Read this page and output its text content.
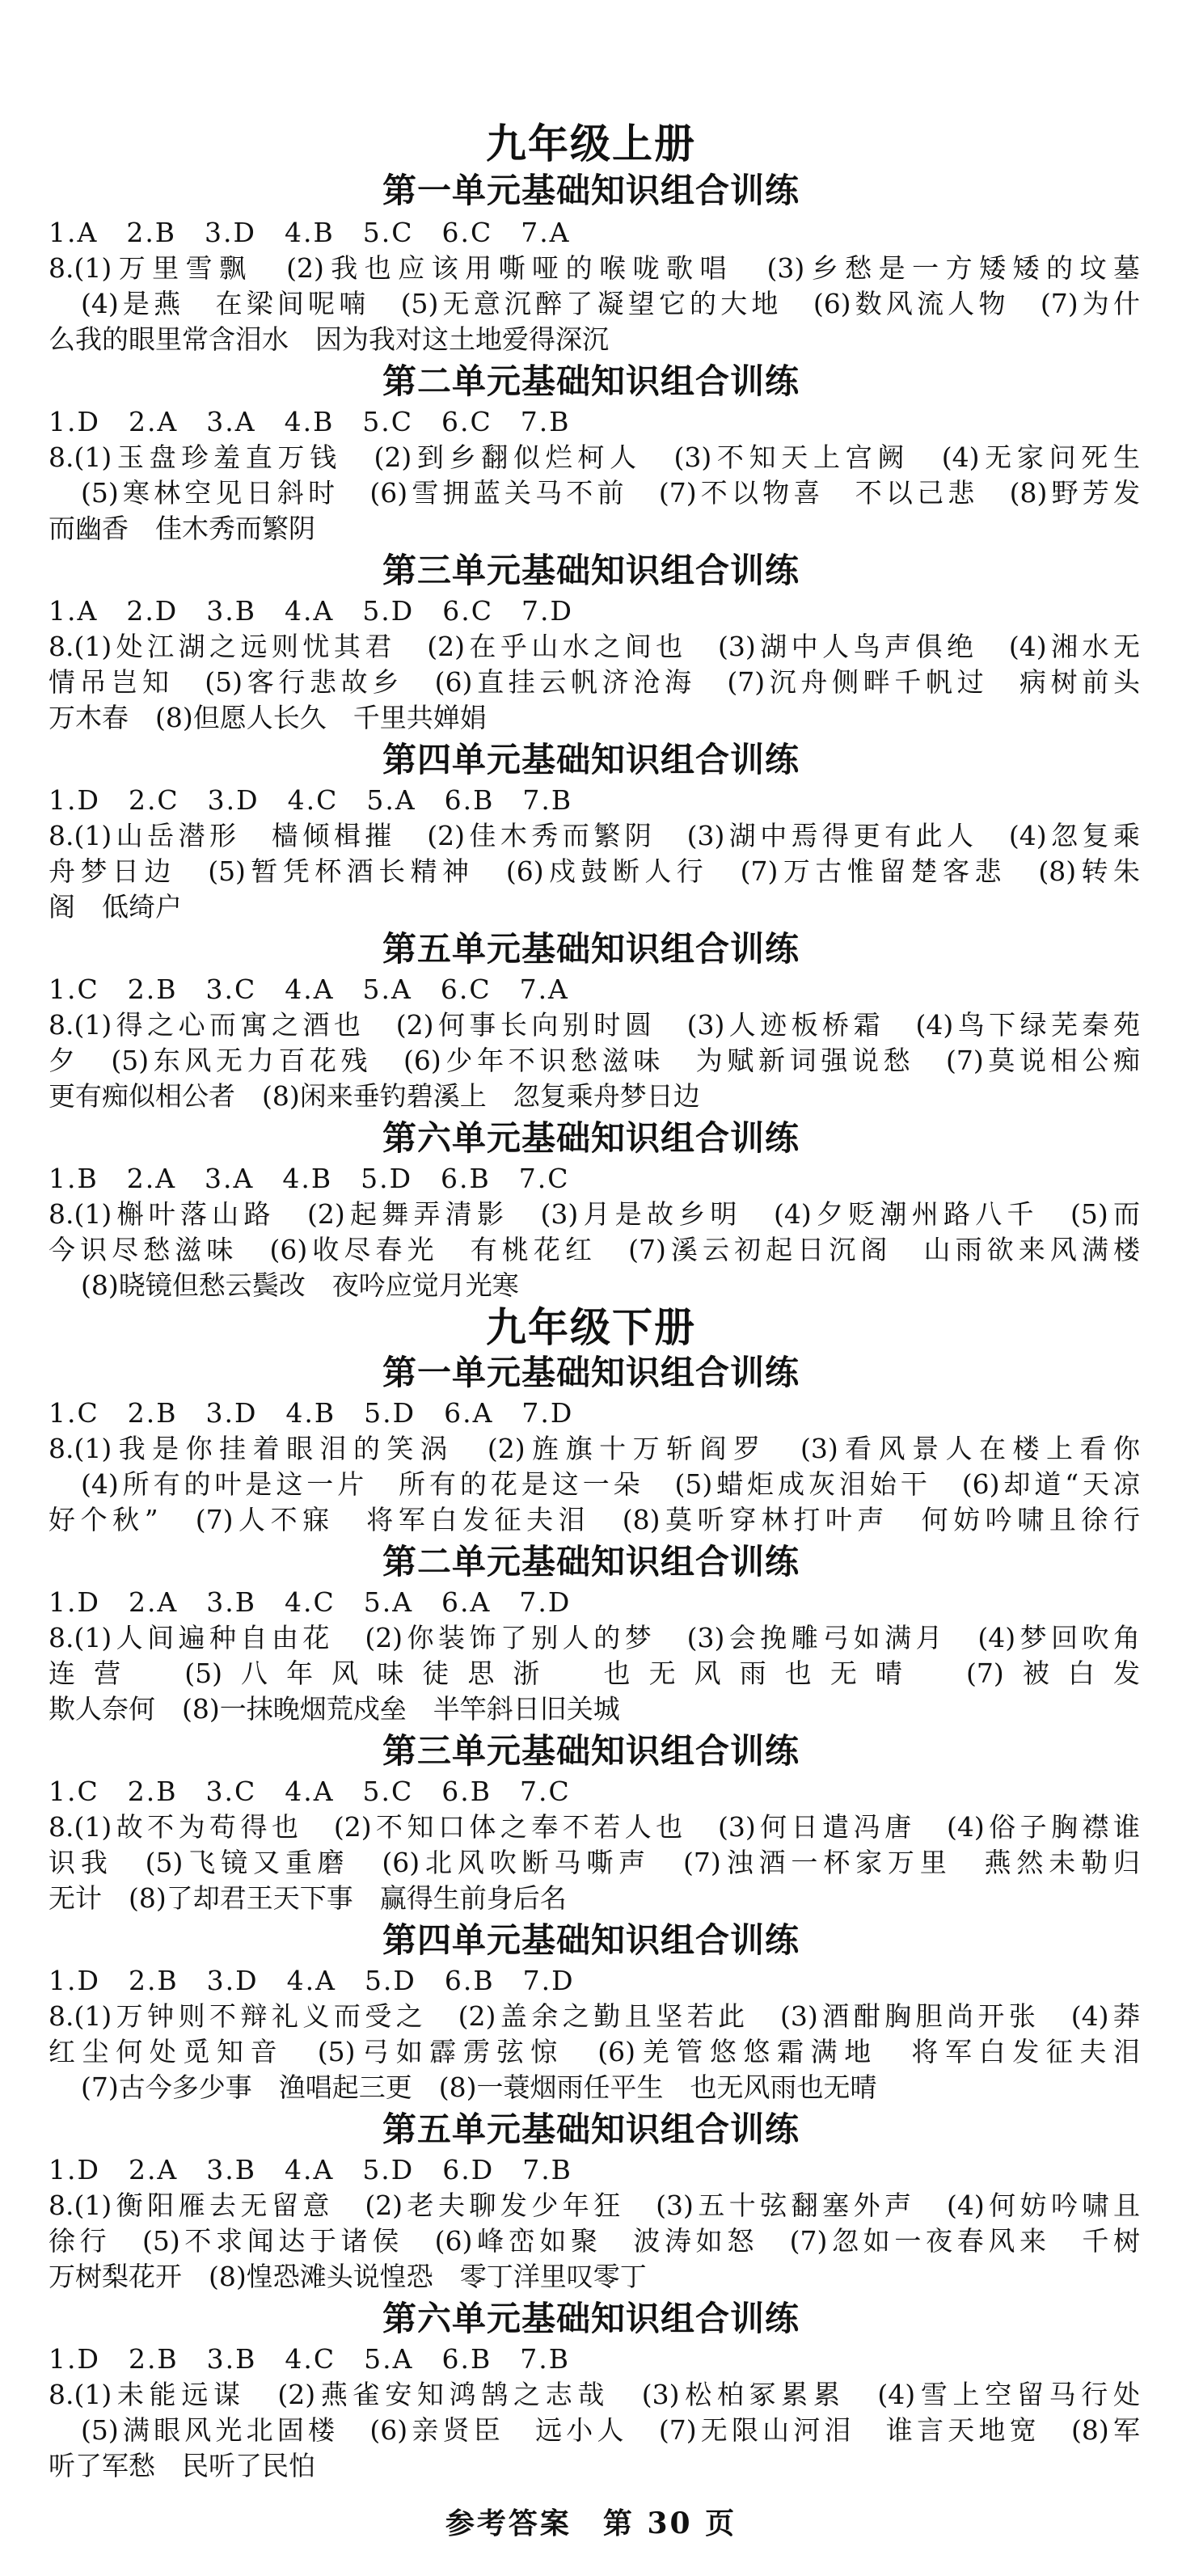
九年级上册
第一单元基础知识组合训练
1.A　2.B　3.D　4.B　5.C　6.C　7.A
8.(1)万里雪飘　(2)我也应该用嘶哑的喉咙歌唱　(3)乡愁是一方矮矮的坟墓
(4)是燕　在梁间呢喃　(5)无意沉醉了凝望它的大地　(6)数风流人物　(7)为什
么我的眼里常含泪水　因为我对这土地爱得深沉
第二单元基础知识组合训练
1.D　2.A　3.A　4.B　5.C　6.C　7.B
8.(1)玉盘珍羞直万钱　(2)到乡翻似烂柯人　(3)不知天上宫阙　(4)无家问死生
(5)寒林空见日斜时　(6)雪拥蓝关马不前　(7)不以物喜　不以己悲　(8)野芳发
而幽香　佳木秀而繁阴
第三单元基础知识组合训练
1.A　2.D　3.B　4.A　5.D　6.C　7.D
8.(1)处江湖之远则忧其君　(2)在乎山水之间也　(3)湖中人鸟声俱绝　(4)湘水无
情吊岂知　(5)客行悲故乡　(6)直挂云帆济沧海　(7)沉舟侧畔千帆过　病树前头
万木春　(8)但愿人长久　千里共婵娟
第四单元基础知识组合训练
1.D　2.C　3.D　4.C　5.A　6.B　7.B
8.(1)山岳潜形　樯倾楫摧　(2)佳木秀而繁阴　(3)湖中焉得更有此人　(4)忽复乘
舟梦日边　(5)暂凭杯酒长精神　(6)戍鼓断人行　(7)万古惟留楚客悲　(8)转朱
阁　低绮户
第五单元基础知识组合训练
1.C　2.B　3.C　4.A　5.A　6.C　7.A
8.(1)得之心而寓之酒也　(2)何事长向别时圆　(3)人迹板桥霜　(4)鸟下绿芜秦苑
夕　(5)东风无力百花残　(6)少年不识愁滋味　为赋新词强说愁　(7)莫说相公痴
更有痴似相公者　(8)闲来垂钓碧溪上　忽复乘舟梦日边
第六单元基础知识组合训练
1.B　2.A　3.A　4.B　5.D　6.B　7.C
8.(1)槲叶落山路　(2)起舞弄清影　(3)月是故乡明　(4)夕贬潮州路八千　(5)而
今识尽愁滋味　(6)收尽春光　有桃花红　(7)溪云初起日沉阁　山雨欲来风满楼
(8)晓镜但愁云鬓改　夜吟应觉月光寒
九年级下册
第一单元基础知识组合训练
1.C　2.B　3.D　4.B　5.D　6.A　7.D
8.(1)我是你挂着眼泪的笑涡　(2)旌旗十万斩阎罗　(3)看风景人在楼上看你
(4)所有的叶是这一片　所有的花是这一朵　(5)蜡炬成灰泪始干　(6)却道“天凉
好个秋”　(7)人不寐　将军白发征夫泪　(8)莫听穿林打叶声　何妨吟啸且徐行
第二单元基础知识组合训练
1.D　2.A　3.B　4.C　5.A　6.A　7.D
8.(1)人间遍种自由花　(2)你装饰了别人的梦　(3)会挽雕弓如满月　(4)梦回吹角
连营　(5)八年风味徒思浙　也无风雨也无晴　(7)被白发
欺人奈何　(8)一抹晚烟荒戍垒　半竿斜日旧关城
第三单元基础知识组合训练
1.C　2.B　3.C　4.A　5.C　6.B　7.C
8.(1)故不为苟得也　(2)不知口体之奉不若人也　(3)何日遣冯唐　(4)俗子胸襟谁
识我　(5)飞镜又重磨　(6)北风吹断马嘶声　(7)浊酒一杯家万里　燕然未勒归
无计　(8)了却君王天下事　赢得生前身后名
第四单元基础知识组合训练
1.D　2.B　3.D　4.A　5.D　6.B　7.D
8.(1)万钟则不辩礼义而受之　(2)盖余之勤且坚若此　(3)酒酣胸胆尚开张　(4)莽
红尘何处觅知音　(5)弓如霹雳弦惊　(6)羌管悠悠霜满地　将军白发征夫泪
(7)古今多少事　渔唱起三更　(8)一蓑烟雨任平生　也无风雨也无晴
第五单元基础知识组合训练
1.D　2.A　3.B　4.A　5.D　6.D　7.B
8.(1)衡阳雁去无留意　(2)老夫聊发少年狂　(3)五十弦翻塞外声　(4)何妨吟啸且
徐行　(5)不求闻达于诸侯　(6)峰峦如聚　波涛如怒　(7)忽如一夜春风来　千树
万树梨花开　(8)惶恐滩头说惶恐　零丁洋里叹零丁
第六单元基础知识组合训练
1.D　2.B　3.B　4.C　5.A　6.B　7.B
8.(1)未能远谋　(2)燕雀安知鸿鹄之志哉　(3)松柏冢累累　(4)雪上空留马行处
(5)满眼风光北固楼　(6)亲贤臣　远小人　(7)无限山河泪　谁言天地宽　(8)军
听了军愁　民听了民怕
参考答案　第 30 页
